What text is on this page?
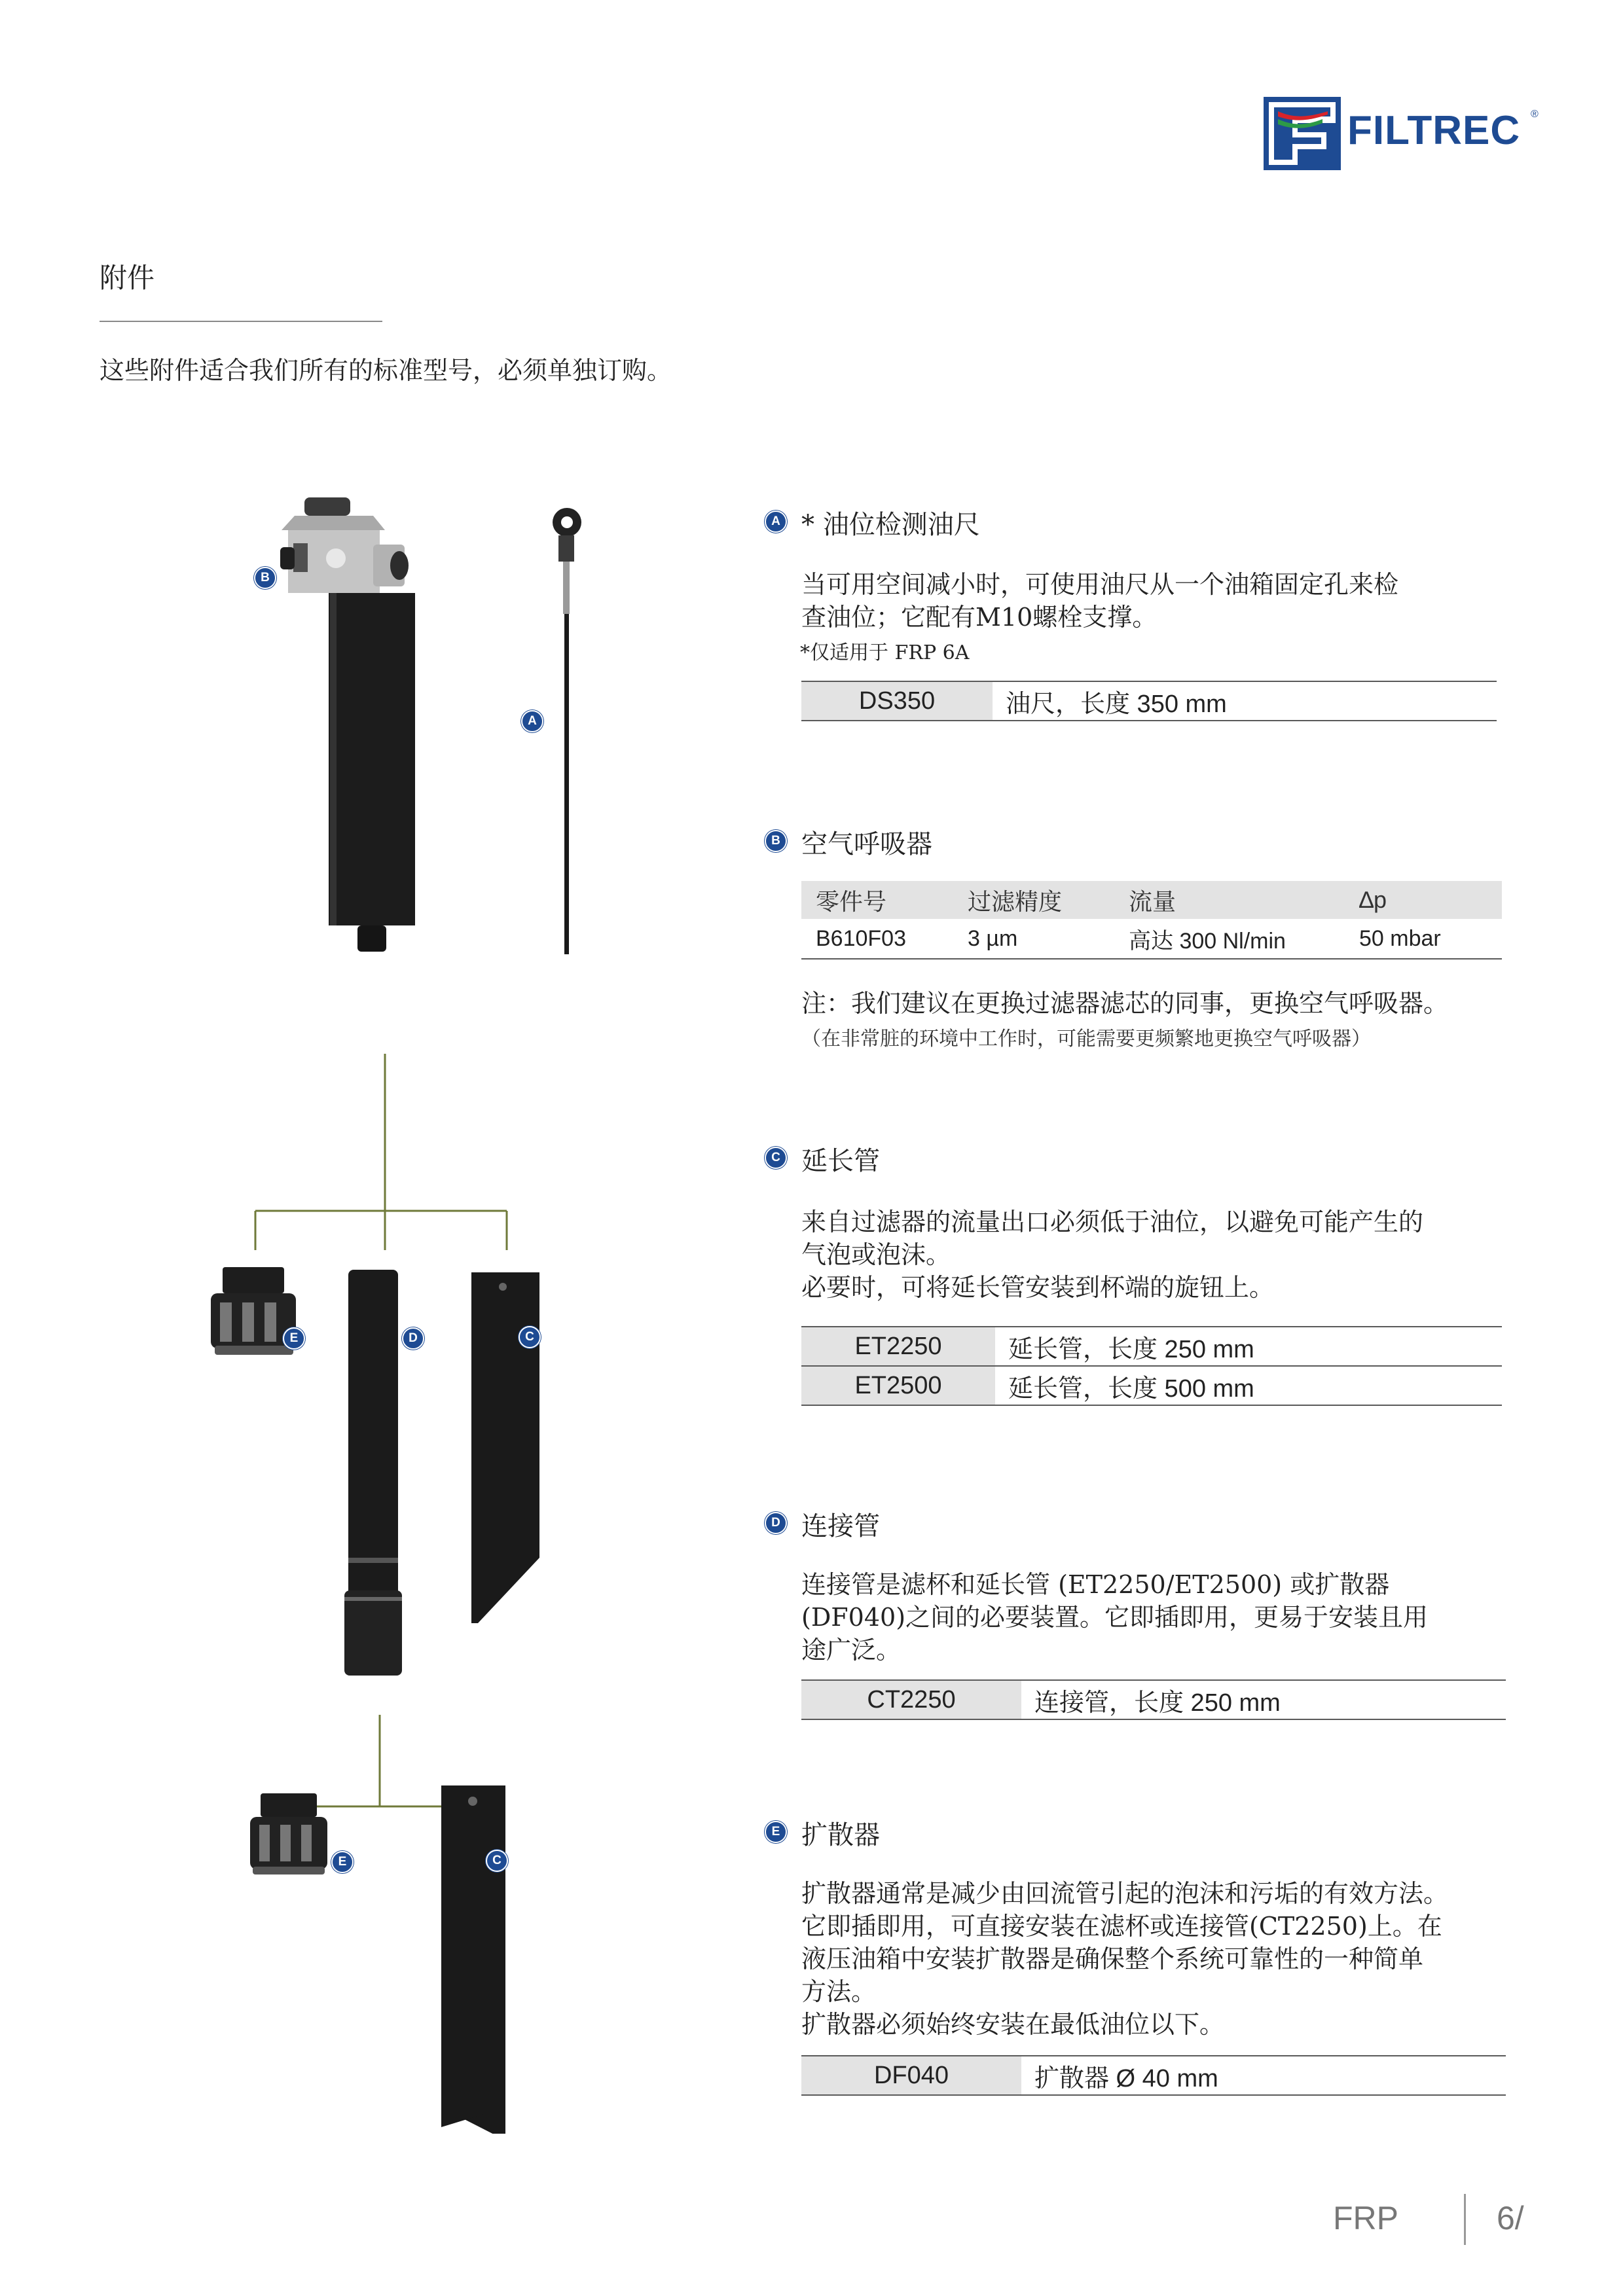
FILTREC ®
附件
这些附件适合我们所有的标准型号，必须单独订购。
B
A
E	D	C
E	C
A * 油位检测油尺
当可用空间减小时，可使用油尺从一个油箱固定孔来检
查油位；它配有M10螺栓支撑。
*仅适用于 FRP 6A
DS350	油尺，长度 350 mm
B 空气呼吸器
零件号	过滤精度	流量	∆p
B610F03	3 µm	高达 300 Nl/min	50 mbar
注：我们建议在更换过滤器滤芯的同事，更换空气呼吸器。
（在非常脏的环境中工作时，可能需要更频繁地更换空气呼吸器）
C 延长管
来自过滤器的流量出口必须低于油位，以避免可能产生的
气泡或泡沫。
必要时，可将延长管安装到杯端的旋钮上。
ET2250	延长管，长度 250 mm
ET2500	延长管，长度 500 mm
D 连接管
连接管是滤杯和延长管 (ET2250/ET2500) 或扩散器
(DF040)之间的必要装置。它即插即用，更易于安装且用
途广泛。
CT2250	连接管，长度 250 mm
E 扩散器
扩散器通常是减少由回流管引起的泡沫和污垢的有效方法。
它即插即用，可直接安装在滤杯或连接管(CT2250)上。在
液压油箱中安装扩散器是确保整个系统可靠性的一种简单
方法。
扩散器必须始终安装在最低油位以下。
DF040	扩散器 Ø 40 mm
FRP	6/
